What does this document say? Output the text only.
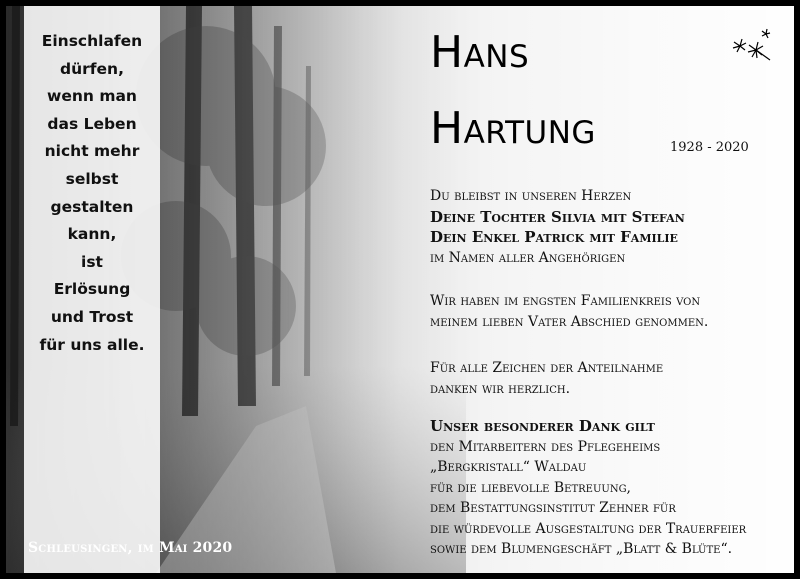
Einschlafen
dürfen,
wenn man
das Leben
nicht mehr
selbst
gestalten
kann,
ist
Erlösung
und Trost
für uns alle.
Schleusingen, im Mai 2020
Hans
Hartung	1928 - 2020
Du bleibst in unseren Herzen
Deine Tochter Silvia mit Stefan
Dein Enkel Patrick mit Familie
im Namen aller Angehörigen
Wir haben im engsten Familienkreis von
meinem lieben Vater Abschied genommen.
Für alle Zeichen der Anteilnahme
danken wir herzlich.
Unser besonderer Dank gilt
den Mitarbeitern des Pflegeheims
„Bergkristall“ Waldau
für die liebevolle Betreuung,
dem Bestattungsinstitut Zehner für
die würdevolle Ausgestaltung der Trauerfeier
sowie dem Blumengeschäft „Blatt & Blüte“.
